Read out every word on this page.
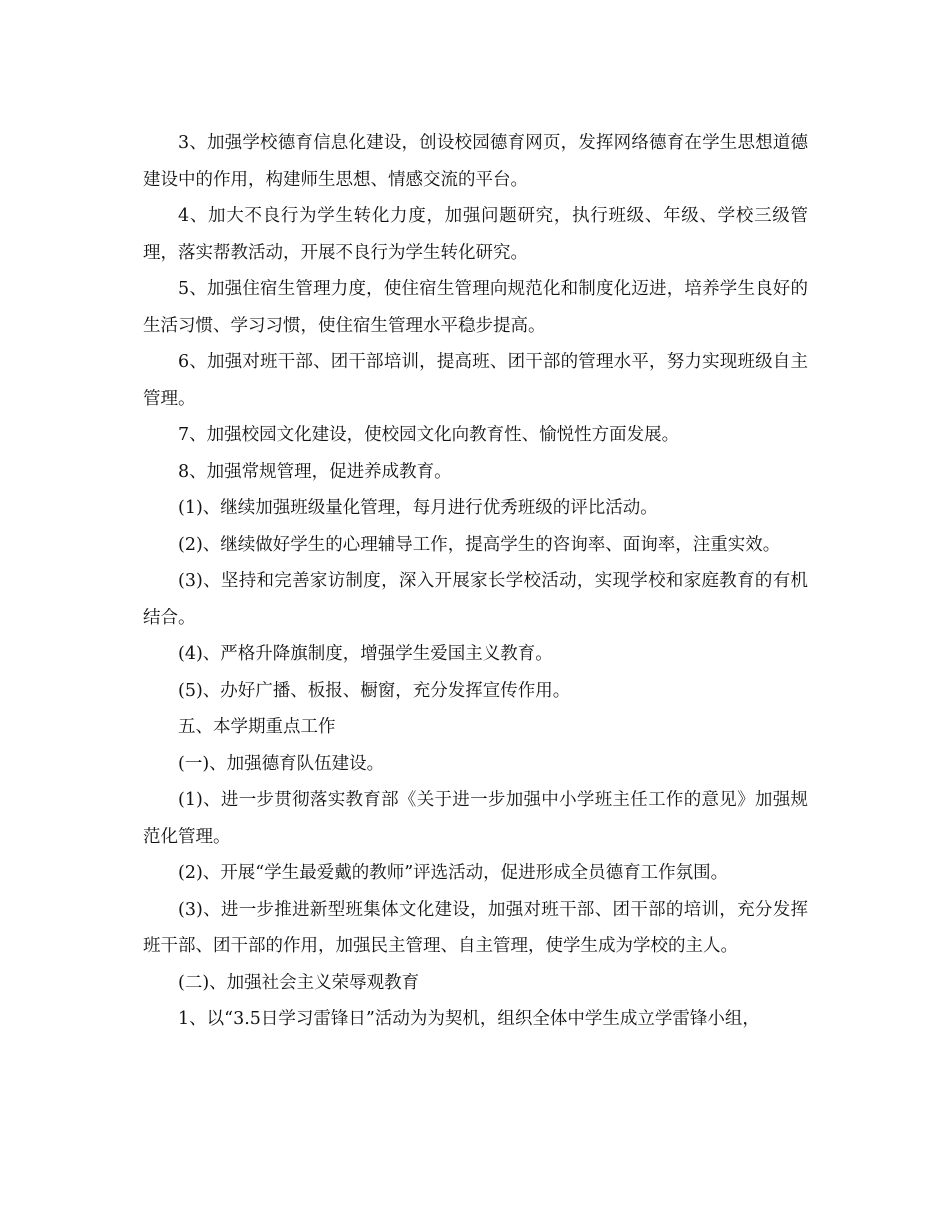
3、加强学校德育信息化建设，创设校园德育网页，发挥网络德育在学生思想道德建设中的作用，构建师生思想、情感交流的平台。

4、加大不良行为学生转化力度，加强问题研究，执行班级、年级、学校三级管理，落实帮教活动，开展不良行为学生转化研究。

5、加强住宿生管理力度，使住宿生管理向规范化和制度化迈进，培养学生良好的生活习惯、学习习惯，使住宿生管理水平稳步提高。

6、加强对班干部、团干部培训，提高班、团干部的管理水平，努力实现班级自主管理。

7、加强校园文化建设，使校园文化向教育性、愉悦性方面发展。

8、加强常规管理，促进养成教育。

(1)、继续加强班级量化管理，每月进行优秀班级的评比活动。

(2)、继续做好学生的心理辅导工作，提高学生的咨询率、面询率，注重实效。

(3)、坚持和完善家访制度，深入开展家长学校活动，实现学校和家庭教育的有机结合。

(4)、严格升降旗制度，增强学生爱国主义教育。

(5)、办好广播、板报、橱窗，充分发挥宣传作用。

五、本学期重点工作

(一)、加强德育队伍建设。

(1)、进一步贯彻落实教育部《关于进一步加强中小学班主任工作的意见》加强规范化管理。

(2)、开展“学生最爱戴的教师”评选活动，促进形成全员德育工作氛围。

(3)、进一步推进新型班集体文化建设，加强对班干部、团干部的培训，充分发挥班干部、团干部的作用，加强民主管理、自主管理，使学生成为学校的主人。

(二)、加强社会主义荣辱观教育

1、以“3.5日学习雷锋日”活动为为契机，组织全体中学生成立学雷锋小组，
